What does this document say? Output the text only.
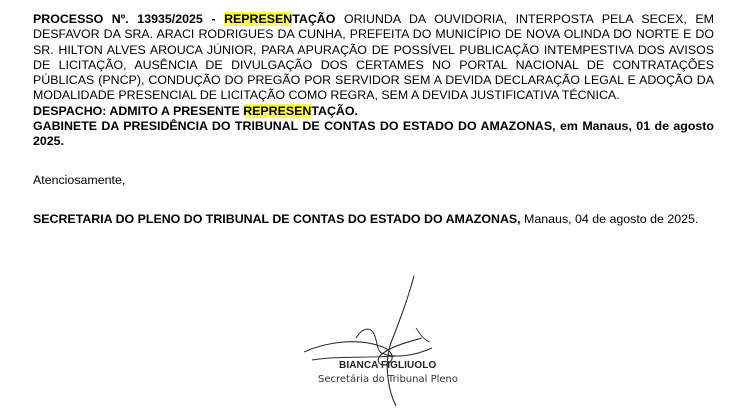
PROCESSO Nº. 13935/2025 - REPRESENTAÇÃO ORIUNDA DA OUVIDORIA, INTERPOSTA PELA SECEX, EM DESFAVOR DA SRA. ARACI RODRIGUES DA CUNHA, PREFEITA DO MUNICÍPIO DE NOVA OLINDA DO NORTE E DO SR. HILTON ALVES AROUCA JÚNIOR, PARA APURAÇÃO DE POSSÍVEL PUBLICAÇÃO INTEMPESTIVA DOS AVISOS DE LICITAÇÃO, AUSÊNCIA DE DIVULGAÇÃO DOS CERTAMES NO PORTAL NACIONAL DE CONTRATAÇÕES PÚBLICAS (PNCP), CONDUÇÃO DO PREGÃO POR SERVIDOR SEM A DEVIDA DECLARAÇÃO LEGAL E ADOÇÃO DA MODALIDADE PRESENCIAL DE LICITAÇÃO COMO REGRA, SEM A DEVIDA JUSTIFICATIVA TÉCNICA.

DESPACHO: ADMITO A PRESENTE REPRESENTAÇÃO.

GABINETE DA PRESIDÊNCIA DO TRIBUNAL DE CONTAS DO ESTADO DO AMAZONAS, em Manaus, 01 de agosto 2025.

Atenciosamente,

SECRETARIA DO PLENO DO TRIBUNAL DE CONTAS DO ESTADO DO AMAZONAS, Manaus, 04 de agosto de 2025.

BIANCA FIGLIUOLO
Secretária do Tribunal Pleno
